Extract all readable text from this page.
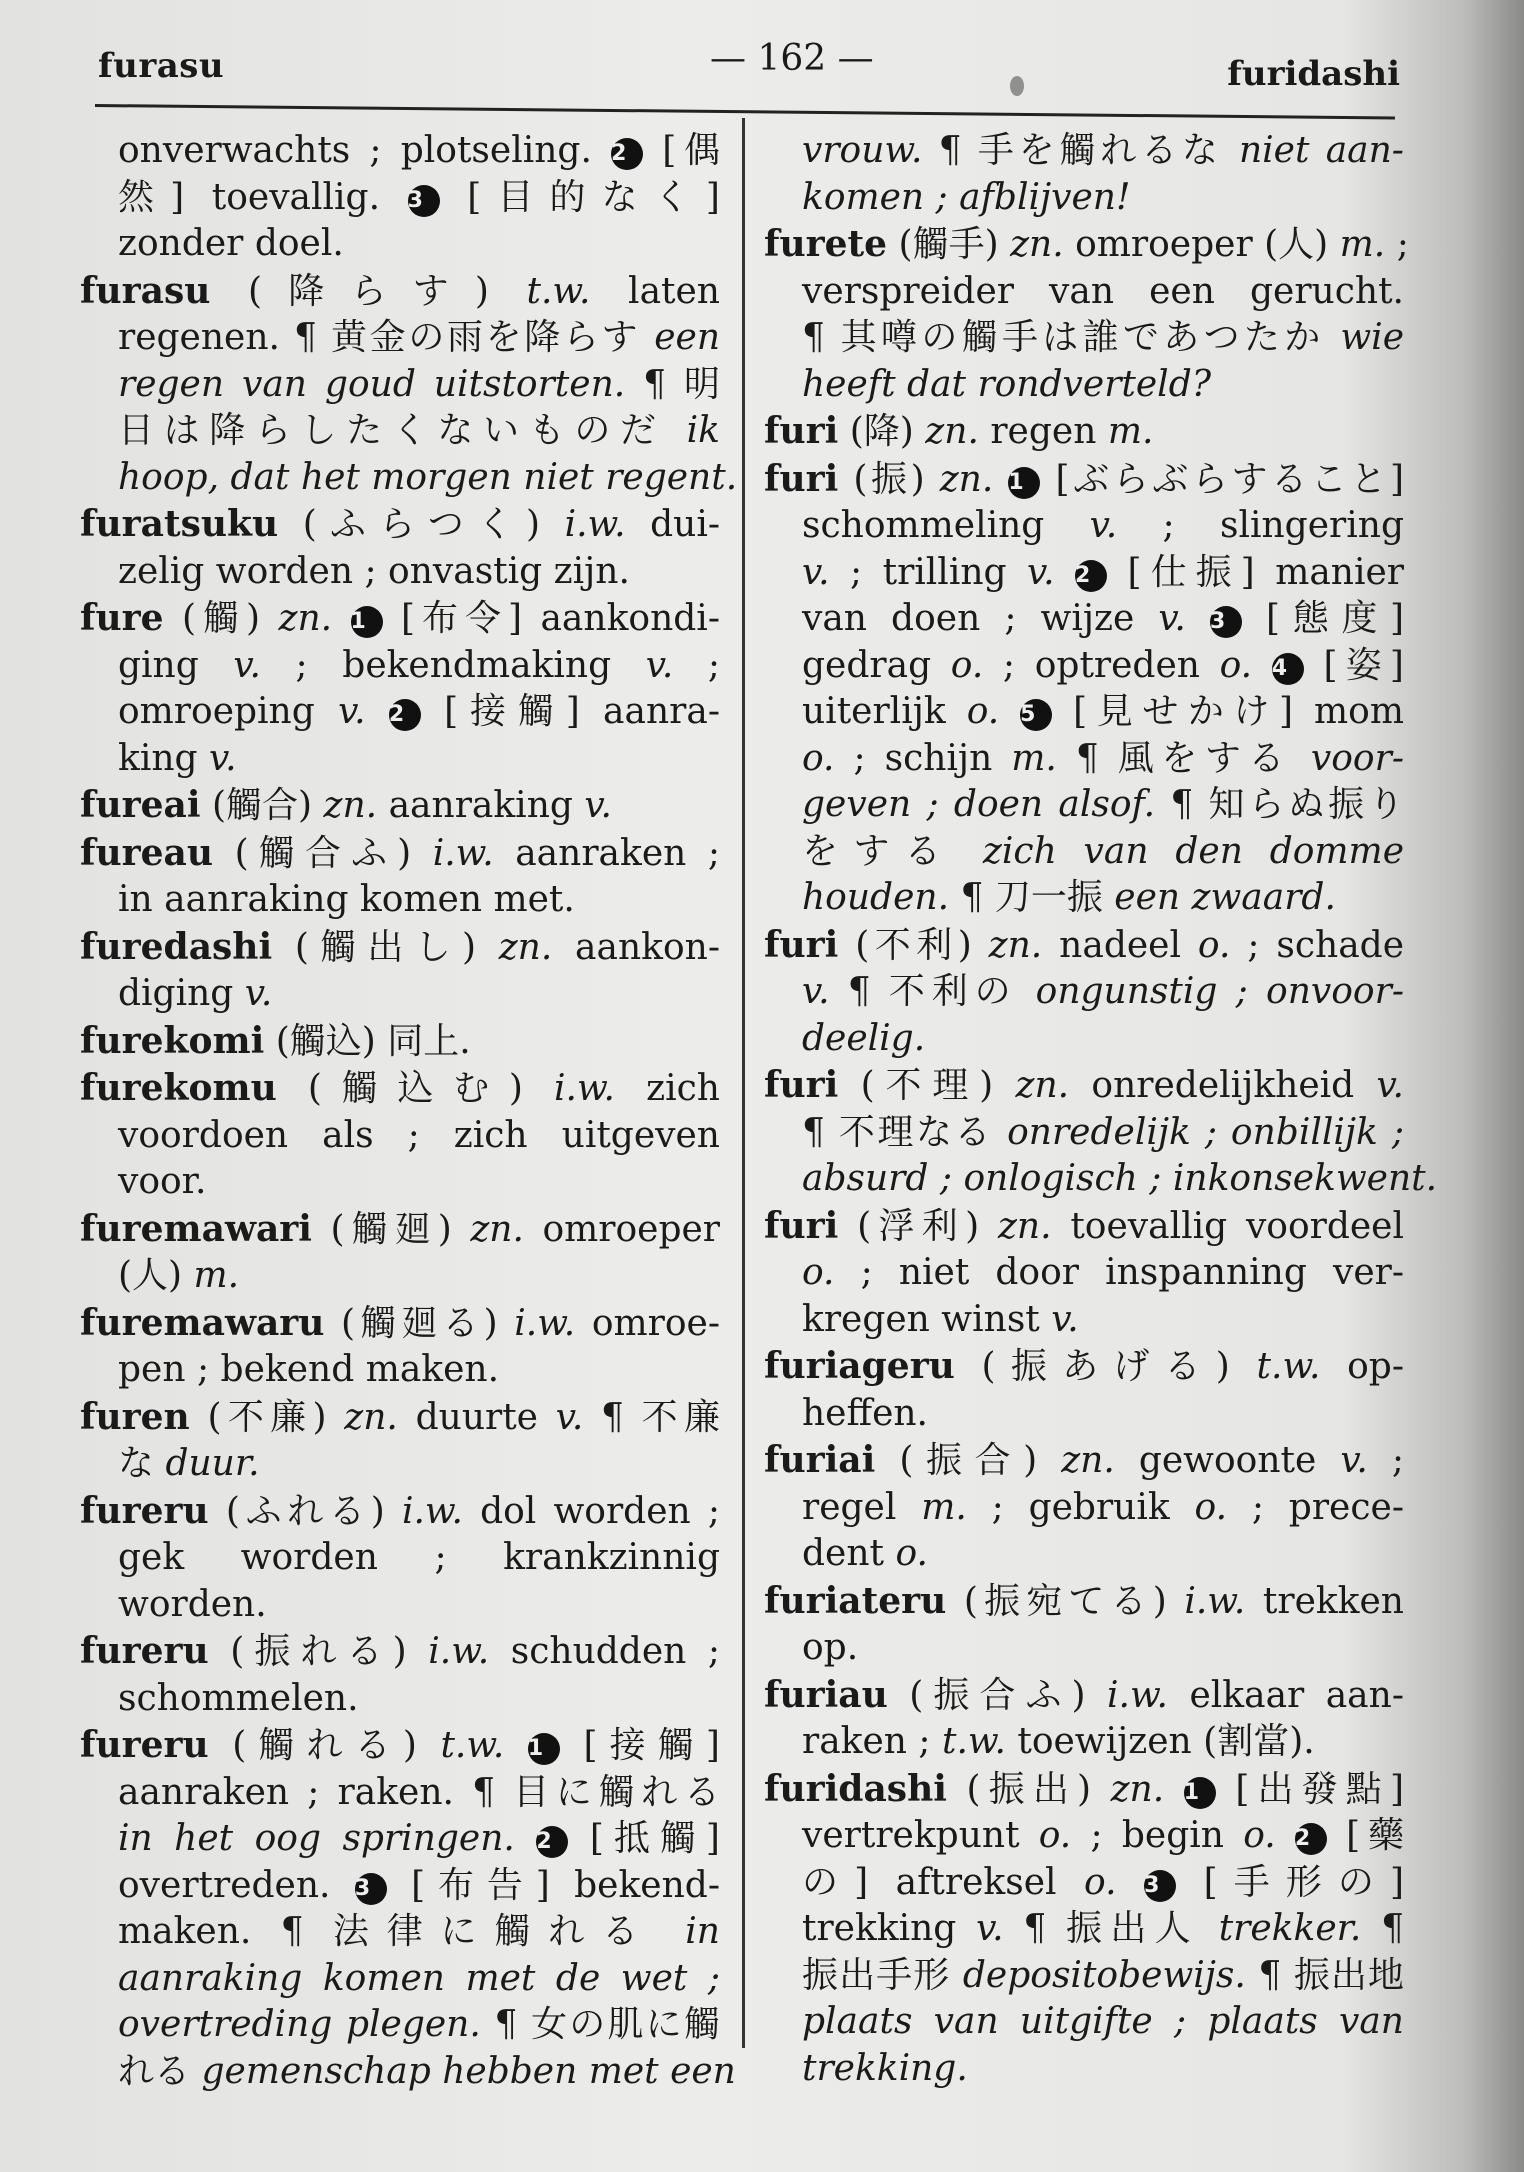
furasu	— 162 —	furidashi
onverwachts ; plotseling. 2 [偶
然] toevallig. 3 [目的なく]
zonder doel.
furasu (降らす) t.w. laten
regenen. ¶ 黄金の雨を降らす een
regen van goud uitstorten. ¶ 明
日は降らしたくないものだ ik
hoop, dat het morgen niet regent.
furatsuku (ふらつく) i.w. dui-
zelig worden ; onvastig zijn.
fure (觸) zn. 1 [布令] aankondi-
ging v. ; bekendmaking v. ;
omroeping v. 2 [接觸] aanra-
king v.
fureai (觸合) zn. aanraking v.
fureau (觸合ふ) i.w. aanraken ;
in aanraking komen met.
furedashi (觸出し) zn. aankon-
diging v.
furekomi (觸込) 同上.
furekomu (觸込む) i.w. zich
voordoen als ; zich uitgeven
voor.
furemawari (觸廻) zn. omroeper
(人) m.
furemawaru (觸廻る) i.w. omroe-
pen ; bekend maken.
furen (不廉) zn. duurte v. ¶ 不廉
な duur.
fureru (ふれる) i.w. dol worden ;
gek worden ; krankzinnig
worden.
fureru (振れる) i.w. schudden ;
schommelen.
fureru (觸れる) t.w. 1 [接觸]
aanraken ; raken. ¶ 目に觸れる
in het oog springen. 2 [抵觸]
overtreden. 3 [布告] bekend-
maken. ¶ 法律に觸れる in
aanraking komen met de wet ;
overtreding plegen. ¶ 女の肌に觸
れる gemenschap hebben met een
vrouw. ¶ 手を觸れるな niet aan-
komen ; afblijven!
furete (觸手) zn. omroeper (人) m. ;
verspreider van een gerucht.
¶ 其噂の觸手は誰であつたか wie
heeft dat rondverteld?
furi (降) zn. regen m.
furi (振) zn. 1 [ぶらぶらすること]
schommeling v. ; slingering
v. ; trilling v. 2 [仕振] manier
van doen ; wijze v. 3 [態度]
gedrag o. ; optreden o. 4 [姿]
uiterlijk o. 5 [見せかけ] mom
o. ; schijn m. ¶ 風をする voor-
geven ; doen alsof. ¶ 知らぬ振り
をする zich van den domme
houden. ¶ 刀一振 een zwaard.
furi (不利) zn. nadeel o. ; schade
v. ¶ 不利の ongunstig ; onvoor-
deelig.
furi (不理) zn. onredelijkheid v.
¶ 不理なる onredelijk ; onbillijk ;
absurd ; onlogisch ; inkonsekwent.
furi (浮利) zn. toevallig voordeel
o. ; niet door inspanning ver-
kregen winst v.
furiageru (振あげる) t.w. op-
heffen.
furiai (振合) zn. gewoonte v. ;
regel m. ; gebruik o. ; prece-
dent o.
furiateru (振宛てる) i.w. trekken
op.
furiau (振合ふ) i.w. elkaar aan-
raken ; t.w. toewijzen (割當).
furidashi (振出) zn. 1 [出發點]
vertrekpunt o. ; begin o. 2 [藥
の] aftreksel o. 3 [手形の]
trekking v. ¶ 振出人 trekker. ¶
振出手形 depositobewijs. ¶ 振出地
plaats van uitgifte ; plaats van
trekking.
